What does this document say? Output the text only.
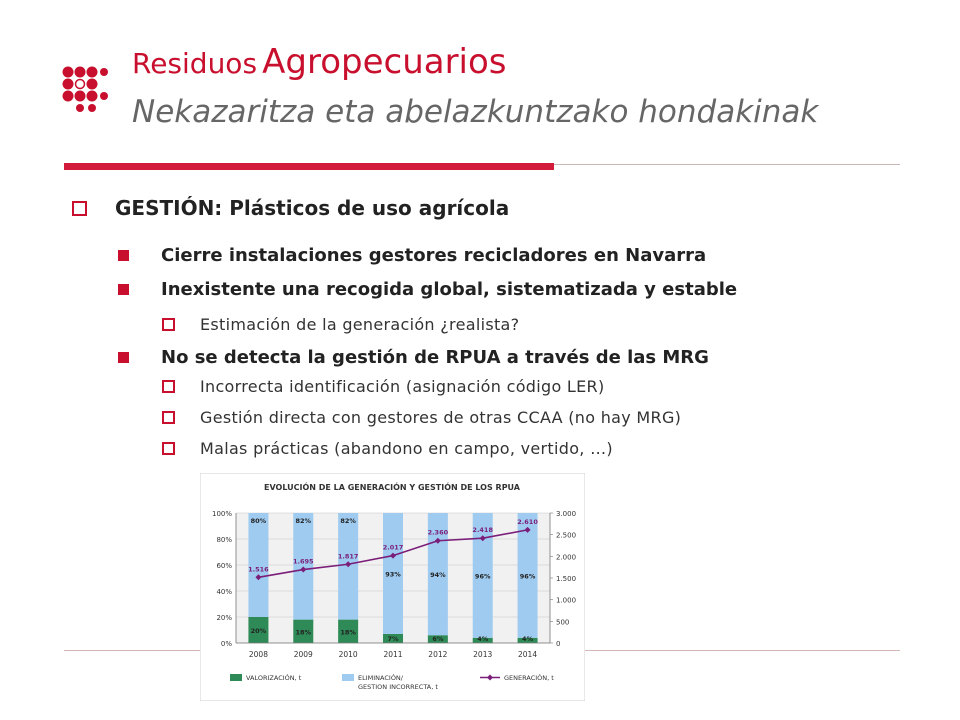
Residuos Agropecuarios
Nekazaritza eta abelazkuntzako hondakinak
GESTIÓN: Plásticos de uso agrícola
Cierre instalaciones gestores recicladores en Navarra
Inexistente una recogida global, sistematizada y estable
Estimación de la generación ¿realista?
No se detecta la gestión de RPUA a través de las MRG
Incorrecta identificación (asignación código LER)
Gestión directa con gestores de otras CCAA (no hay MRG)
Malas prácticas (abandono en campo, vertido, …)
EVOLUCIÓN DE LA GENERACIÓN Y GESTIÓN DE LOS RPUA
20%
80%
18%
82%
18%
82%
7%
93%
6%
94%
4%
96%
4%
96%
1.516
1.695
1.817
2.017
2.360	2.418
2.610
0%
20%
40%
60%
80%
100%
0
500
1.000
1.500
2.000
2.500
3.000
2008	2009	2010	2011	2012	2013	2014
VALORIZACIÓN, t	ELIMINACIÓN/
GESTION INCORRECTA, t
GENERACIÓN, t
